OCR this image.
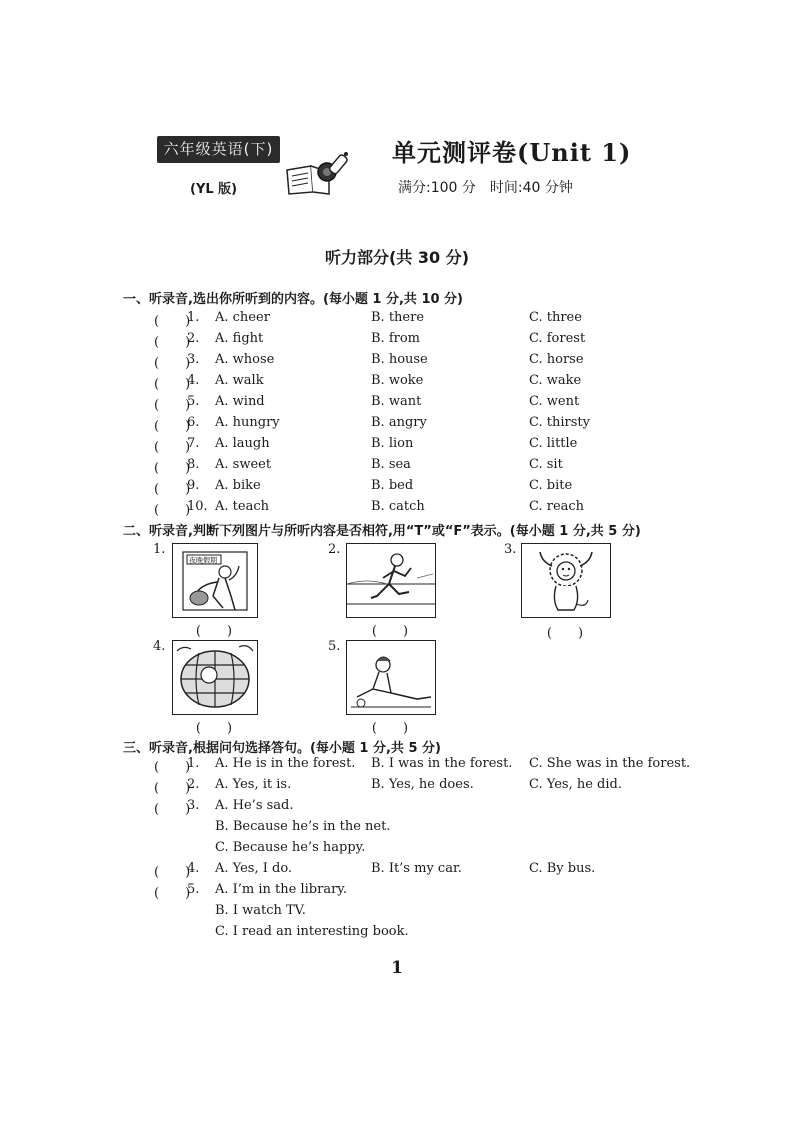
六年级英语(下)
(YL 版)
单元测评卷(Unit 1)
满分:100 分　时间:40 分钟
听力部分(共 30 分)
一、听录音,选出你所听到的内容。(每小题 1 分,共 10 分)
(　　)
1. A. cheer	B. there	C. three
(　　)
2. A. fight	B. from	C. forest
(　　)
3. A. whose	B. house	C. horse
(　　)
4. A. walk	B. woke	C. wake
(　　)
5. A. wind	B. want	C. went
(　　)
6. A. hungry	B. angry	C. thirsty
(　　)
7. A. laugh	B. lion	C. little
(　　)
8. A. sweet	B. sea	C. sit
(　　)
9. A. bike	B. bed	C. bite
(　　)
10. A. teach	B. catch	C. reach
二、听录音,判断下列图片与所听内容是否相符,用“T”或“F”表示。(每小题 1 分,共 5 分)
1.
夜晚假期
(　　)
2.
(　　)
3.
(　　)
4.
(　　)
5.
(　　)
三、听录音,根据问句选择答句。(每小题 1 分,共 5 分)
(　　)
1. A. He is in the forest. B. I was in the forest. C. She was in the forest.
(　　)
2. A. Yes, it is.	B. Yes, he does.	C. Yes, he did.
(　　)
3. A. He’s sad.
B. Because he’s in the net.
C. Because he’s happy.
(　　)
4. A. Yes, I do.	B. It’s my car.	C. By bus.
(　　)
5. A. I’m in the library.
B. I watch TV.
C. I read an interesting book.
1
